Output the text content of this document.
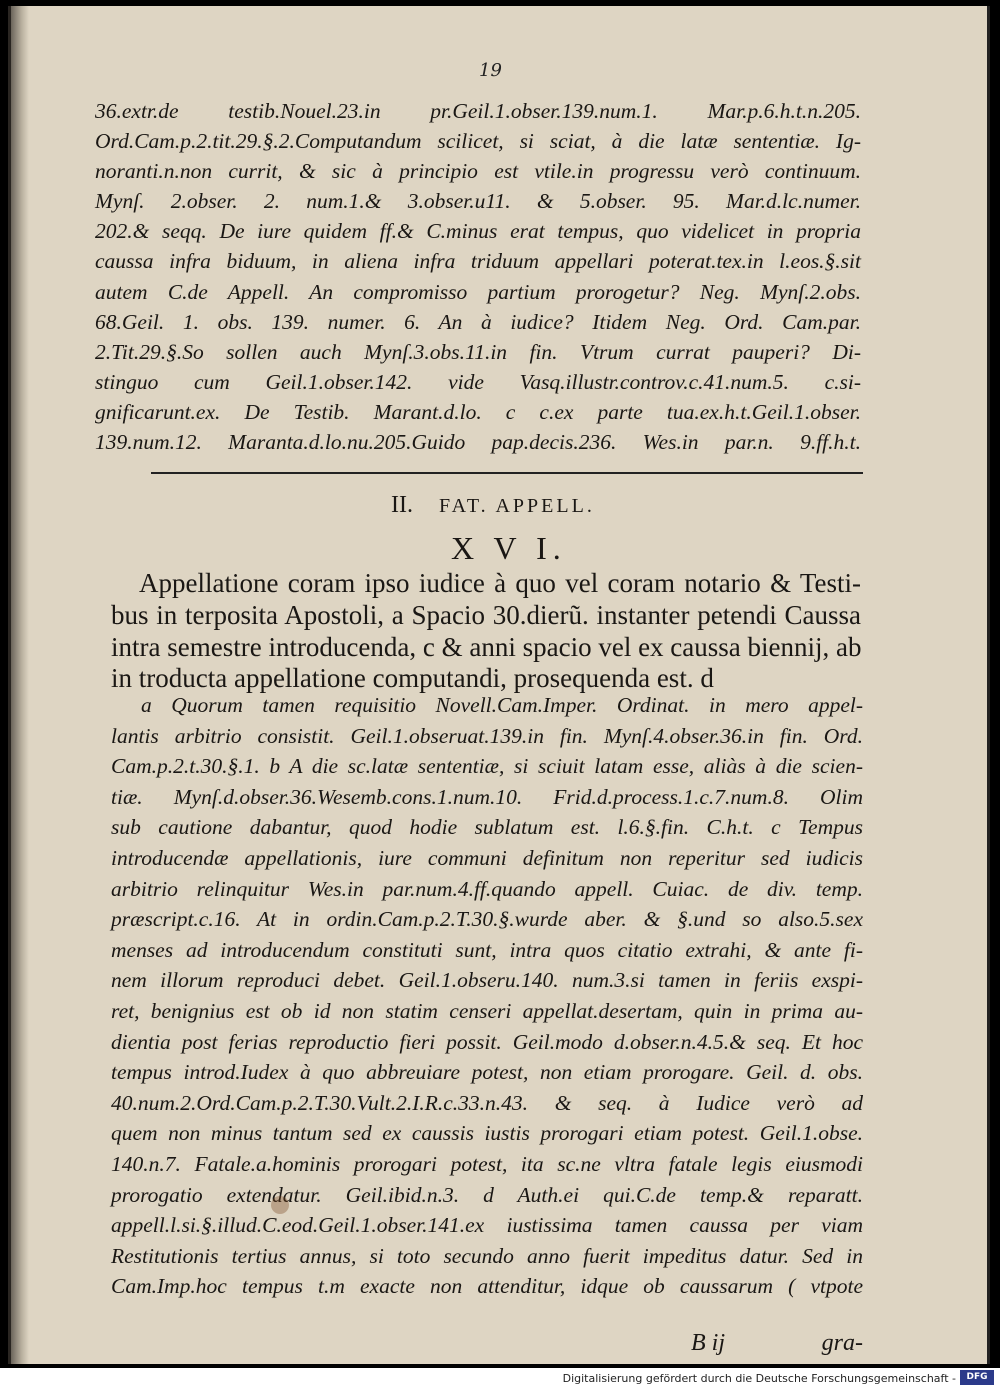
19
36.extr.de testib.Nouel.23.in pr.Geil.1.obser.139.num.1. Mar.p.6.h.t.n.205.
Ord.Cam.p.2.tit.29.§.2.Computandum scilicet, si sciat, à die latæ sententiæ. Ig-
noranti.n.non currit, & sic à principio est vtile.in progressu verò continuum.
Mynſ. 2.obser. 2. num.1.& 3.obser.u11. & 5.obser. 95. Mar.d.lc.numer.
202.& seqq. De iure quidem ff.& C.minus erat tempus, quo videlicet in propria
caussa infra biduum, in aliena infra triduum appellari poterat.tex.in l.eos.§.sit
autem C.de Appell. An compromisso partium prorogetur? Neg. Mynſ.2.obs.
68.Geil. 1. obs. 139. numer. 6. An à iudice? Itidem Neg. Ord. Cam.par.
2.Tit.29.§.So sollen auch Mynſ.3.obs.11.in fin. Vtrum currat pauperi? Di-
stinguo cum Geil.1.obser.142. vide Vasq.illustr.controv.c.41.num.5. c.si-
gnificarunt.ex. De Testib. Marant.d.lo. c c.ex parte tua.ex.h.t.Geil.1.obser.
139.num.12. Maranta.d.lo.nu.205.Guido pap.decis.236. Wes.in par.n. 9.ff.h.t.
II. FAT. APPELL.
X V I.
Appellatione coram ipso iudice à quo vel coram notario & Testi-
bus in terposita Apostoli, a Spacio 30.dierũ. instanter petendi Caussa
intra semestre introducenda, c & anni spacio vel ex caussa biennij, ab
in troducta appellatione computandi, prosequenda est. d
a Quorum tamen requisitio Novell.Cam.Imper. Ordinat. in mero appel-
lantis arbitrio consistit. Geil.1.obseruat.139.in fin. Mynſ.4.obser.36.in fin. Ord.
Cam.p.2.t.30.§.1. b A die sc.latæ sententiæ, si sciuit latam esse, aliàs à die scien-
tiæ. Mynſ.d.obser.36.Wesemb.cons.1.num.10. Frid.d.process.1.c.7.num.8. Olim
sub cautione dabantur, quod hodie sublatum est. l.6.§.fin. C.h.t. c Tempus
introducendæ appellationis, iure communi definitum non reperitur sed iudicis
arbitrio relinquitur Wes.in par.num.4.ff.quando appell. Cuiac. de div. temp.
præscript.c.16. At in ordin.Cam.p.2.T.30.§.wurde aber. & §.und so also.5.sex
menses ad introducendum constituti sunt, intra quos citatio extrahi, & ante fi-
nem illorum reproduci debet. Geil.1.obseru.140. num.3.si tamen in feriis exspi-
ret, benignius est ob id non statim censeri appellat.desertam, quin in prima au-
dientia post ferias reproductio fieri possit. Geil.modo d.obser.n.4.5.& seq. Et hoc
tempus introd.Iudex à quo abbreuiare potest, non etiam prorogare. Geil. d. obs.
40.num.2.Ord.Cam.p.2.T.30.Vult.2.I.R.c.33.n.43. & seq. à Iudice verò ad
quem non minus tantum sed ex caussis iustis prorogari etiam potest. Geil.1.obse.
140.n.7. Fatale.a.hominis prorogari potest, ita sc.ne vltra fatale legis eiusmodi
prorogatio extendatur. Geil.ibid.n.3. d Auth.ei qui.C.de temp.& reparatt.
appell.l.si.§.illud.C.eod.Geil.1.obser.141.ex iustissima tamen caussa per viam
Restitutionis tertius annus, si toto secundo anno fuerit impeditus datur. Sed in
Cam.Imp.hoc tempus t.m exacte non attenditur, idque ob caussarum ( vtpote
B ij	gra-
Digitalisierung gefördert durch die Deutsche Forschungsgemeinschaft -	DFG
